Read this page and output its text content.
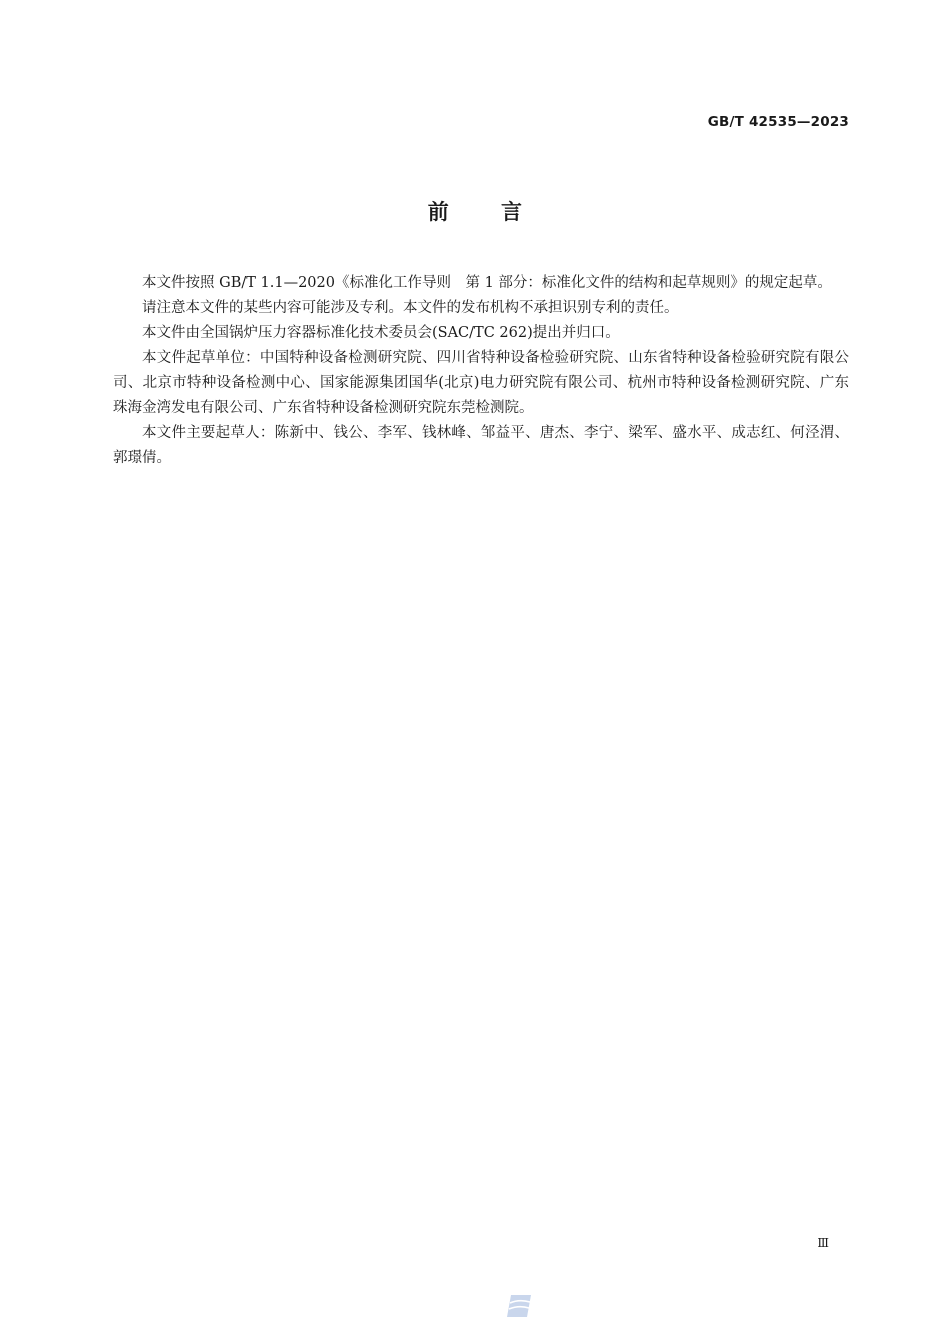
GB/T 42535—2023
前 言

本文件按照 GB/T 1.1—2020《标准化工作导则　第 1 部分：标准化文件的结构和起草规则》的规定起草。

请注意本文件的某些内容可能涉及专利。本文件的发布机构不承担识别专利的责任。

本文件由全国锅炉压力容器标准化技术委员会(SAC/TC 262)提出并归口。

本文件起草单位：中国特种设备检测研究院、四川省特种设备检验研究院、山东省特种设备检验研究院有限公司、北京市特种设备检测中心、国家能源集团国华(北京)电力研究院有限公司、杭州市特种设备检测研究院、广东珠海金湾发电有限公司、广东省特种设备检测研究院东莞检测院。

本文件主要起草人：陈新中、钱公、李军、钱林峰、邹益平、唐杰、李宁、梁军、盛水平、成志红、何泾渭、郭璟倩。

Ⅲ
